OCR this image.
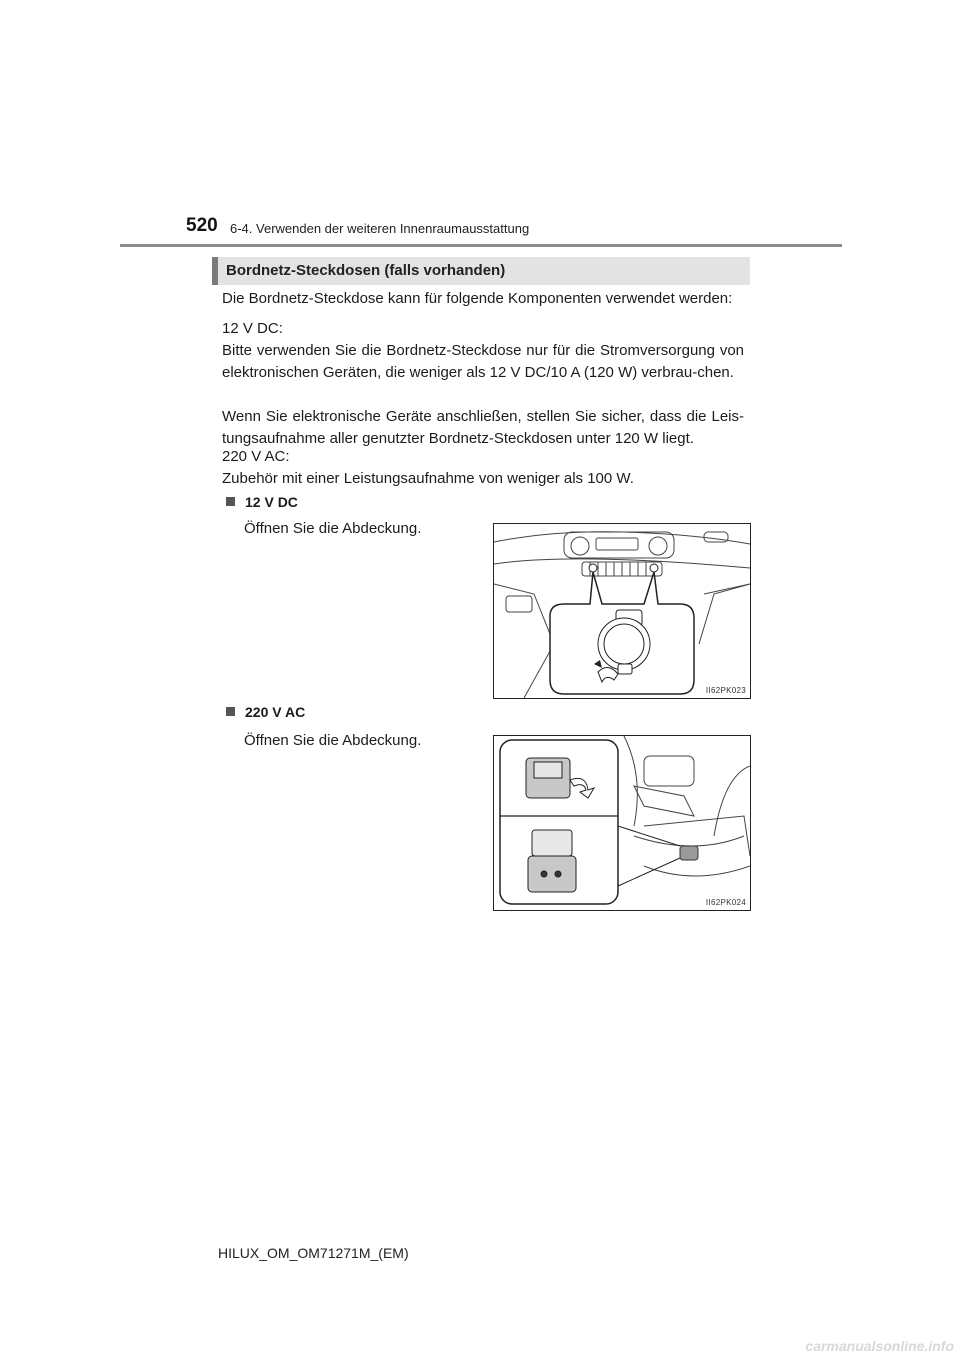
520 6-4. Verwenden der weiteren Innenraumausstattung
Bordnetz-Steckdosen (falls vorhanden)
Die Bordnetz-Steckdose kann für folgende Komponenten verwendet werden:
12 V DC:
Bitte verwenden Sie die Bordnetz-Steckdose nur für die Stromversorgung von elektronischen Geräten, die weniger als 12 V DC/10 A (120 W) verbrau-chen.
Wenn Sie elektronische Geräte anschließen, stellen Sie sicher, dass die Leis-tungsaufnahme aller genutzter Bordnetz-Steckdosen unter 120 W liegt.
220 V AC:
Zubehör mit einer Leistungsaufnahme von weniger als 100 W.
12 V DC
Öffnen Sie die Abdeckung.
II62PK023
220 V AC
Öffnen Sie die Abdeckung.
II62PK024
HILUX_OM_OM71271M_(EM)
carmanualsonline.info
